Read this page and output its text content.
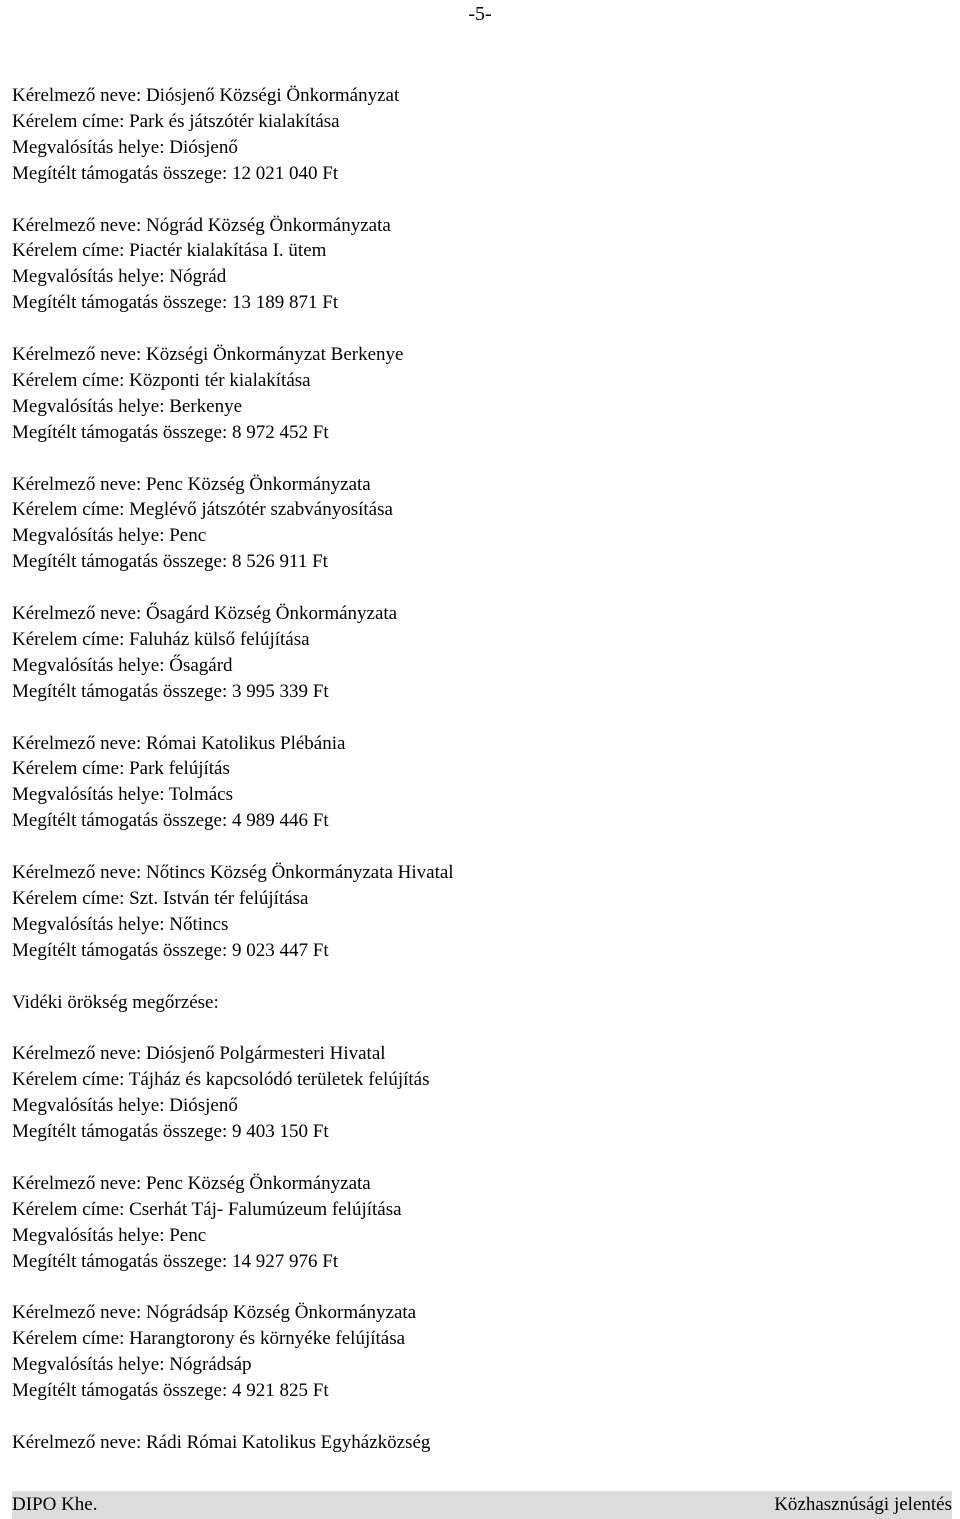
-5-
Kérelmező neve: Diósjenő Községi Önkormányzat
Kérelem címe: Park és játszótér kialakítása
Megvalósítás helye: Diósjenő
Megítélt támogatás összege: 12 021 040 Ft
Kérelmező neve: Nógrád Község Önkormányzata
Kérelem címe: Piactér kialakítása I. ütem
Megvalósítás helye: Nógrád
Megítélt támogatás összege: 13 189 871 Ft
Kérelmező neve: Községi Önkormányzat Berkenye
Kérelem címe: Központi tér kialakítása
Megvalósítás helye: Berkenye
Megítélt támogatás összege: 8 972 452 Ft
Kérelmező neve: Penc Község Önkormányzata
Kérelem címe: Meglévő játszótér szabványosítása
Megvalósítás helye: Penc
Megítélt támogatás összege: 8 526 911 Ft
Kérelmező neve: Ősagárd Község Önkormányzata
Kérelem címe: Faluház külső felújítása
Megvalósítás helye: Ősagárd
Megítélt támogatás összege: 3 995 339 Ft
Kérelmező neve: Római Katolikus Plébánia
Kérelem címe: Park felújítás
Megvalósítás helye: Tolmács
Megítélt támogatás összege: 4 989 446 Ft
Kérelmező neve: Nőtincs Község Önkormányzata Hivatal
Kérelem címe: Szt. István tér felújítása
Megvalósítás helye: Nőtincs
Megítélt támogatás összege: 9 023 447 Ft
Vidéki örökség megőrzése:
Kérelmező neve: Diósjenő Polgármesteri Hivatal
Kérelem címe: Tájház és kapcsolódó területek felújítás
Megvalósítás helye: Diósjenő
Megítélt támogatás összege: 9 403 150 Ft
Kérelmező neve: Penc Község Önkormányzata
Kérelem címe: Cserhát Táj- Falumúzeum felújítása
Megvalósítás helye: Penc
Megítélt támogatás összege: 14 927 976 Ft
Kérelmező neve: Nógrádsáp Község Önkormányzata
Kérelem címe: Harangtorony és környéke felújítása
Megvalósítás helye: Nógrádsáp
Megítélt támogatás összege: 4 921 825 Ft
Kérelmező neve: Rádi Római Katolikus Egyházközség
DIPO Khe.	Közhasznúsági jelentés
